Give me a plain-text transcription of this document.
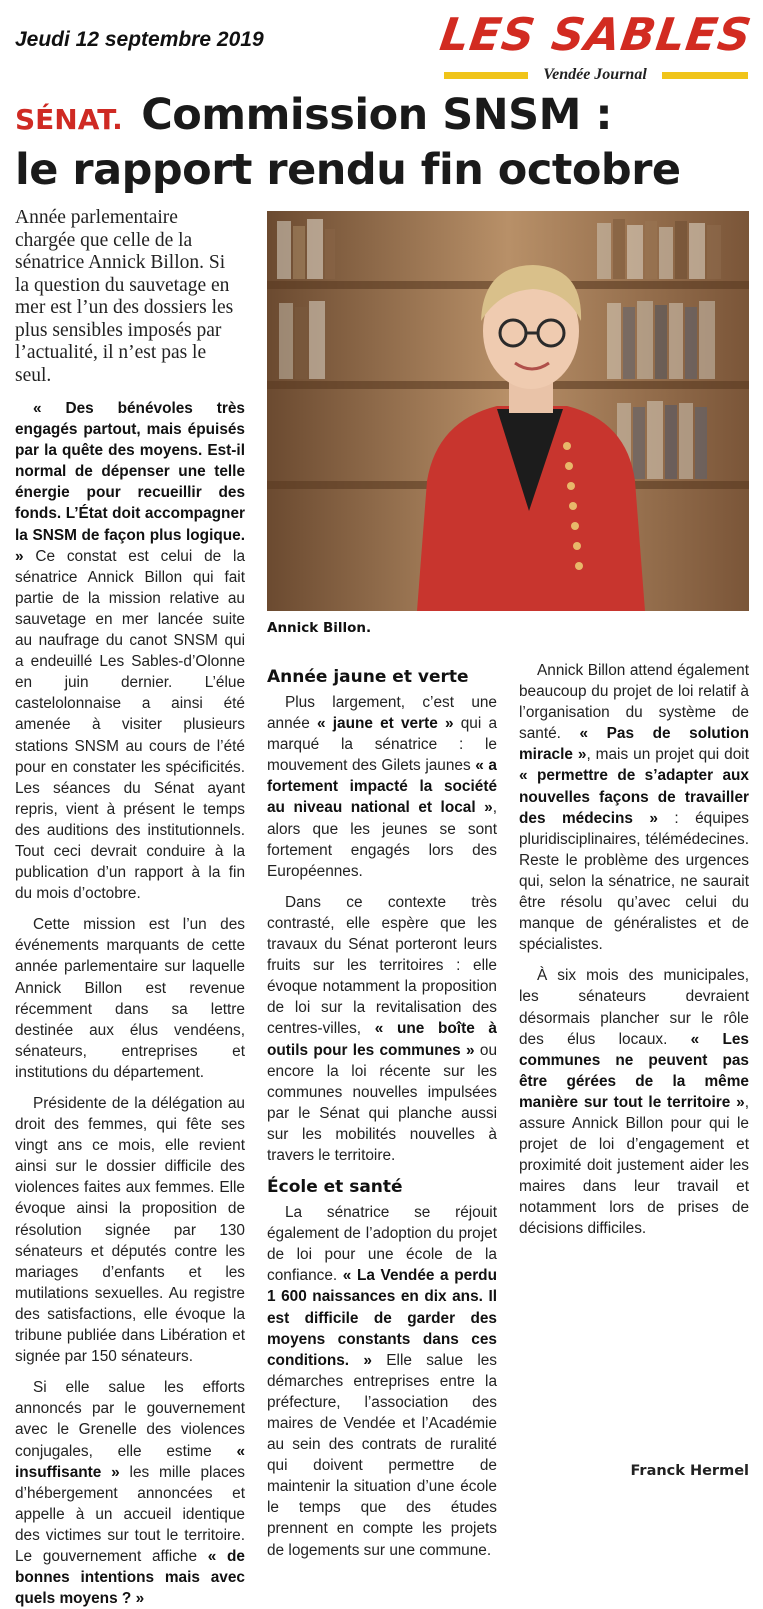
Jeudi 12 septembre 2019	LES SABLES
Vendée Journal
SÉNAT. Commission SNSM :
le rapport rendu fin octobre
Année parlementaire chargée que celle de la sénatrice Annick Billon. Si la question du sauvetage en mer est l’un des dossiers les plus sensibles imposés par l’actualité, il n’est pas le seul.
Annick Billon.

« Des bénévoles très engagés partout, mais épuisés par la quête des moyens. Est-il normal de dépenser une telle énergie pour recueillir des fonds. L’État doit accompagner la SNSM de façon plus logique. » Ce constat est celui de la sénatrice Annick Billon qui fait partie de la mission relative au sauvetage en mer lancée suite au naufrage du canot SNSM qui a endeuillé Les Sables-d’Olonne en juin dernier. L’élue castelolonnaise a ainsi été amenée à visiter plusieurs stations SNSM au cours de l’été pour en constater les spécificités. Les séances du Sénat ayant repris, vient à présent le temps des auditions des institutionnels. Tout ceci devrait conduire à la publication d’un rapport à la fin du mois d’octobre.

Cette mission est l’un des événements marquants de cette année parlementaire sur laquelle Annick Billon est revenue récemment dans sa lettre destinée aux élus vendéens, sénateurs, entreprises et institutions du département.

Présidente de la délégation au droit des femmes, qui fête ses vingt ans ce mois, elle revient ainsi sur le dossier difficile des violences faites aux femmes. Elle évoque ainsi la proposition de résolution signée par 130 sénateurs et députés contre les mariages d’enfants et les mutilations sexuelles. Au registre des satisfactions, elle évoque la tribune publiée dans Libération et signée par 150 sénateurs.

Si elle salue les efforts annoncés par le gouvernement avec le Grenelle des violences conjugales, elle estime « insuffisante » les mille places d’hébergement annoncées et appelle à un accueil identique des victimes sur tout le territoire. Le gouvernement affiche « de bonnes intentions mais avec quels moyens ? »

Année jaune et verte

Plus largement, c’est une année « jaune et verte » qui a marqué la sénatrice : le mouvement des Gilets jaunes « a fortement impacté la société au niveau national et local », alors que les jeunes se sont fortement engagés lors des Européennes.

Dans ce contexte très contrasté, elle espère que les travaux du Sénat porteront leurs fruits sur les territoires : elle évoque notamment la proposition de loi sur la revitalisation des centres-villes, « une boîte à outils pour les communes » ou encore la loi récente sur les communes nouvelles impulsées par le Sénat qui planche aussi sur les mobilités nouvelles à travers le territoire.

École et santé

La sénatrice se réjouit également de l’adoption du projet de loi pour une école de la confiance. « La Vendée a perdu 1 600 naissances en dix ans. Il est difficile de garder des moyens constants dans ces conditions. » Elle salue les démarches entreprises entre la préfecture, l’association des maires de Vendée et l’Académie au sein des contrats de ruralité qui doivent permettre de maintenir la situation d’une école le temps que des études prennent en compte les projets de logements sur une commune.

Annick Billon attend également beaucoup du projet de loi relatif à l’organisation du système de santé. « Pas de solution miracle », mais un projet qui doit « permettre de s’adapter aux nouvelles façons de travailler des médecins » : équipes pluridisciplinaires, télémédecines. Reste le problème des urgences qui, selon la sénatrice, ne saurait être résolu qu’avec celui du manque de généralistes et de spécialistes.

À six mois des municipales, les sénateurs devraient désormais plancher sur le rôle des élus locaux. « Les communes ne peuvent pas être gérées de la même manière sur tout le territoire », assure Annick Billon pour qui le projet de loi d’engagement et proximité doit justement aider les maires dans leur travail et notamment lors de prises de décisions difficiles.

Franck Hermel
